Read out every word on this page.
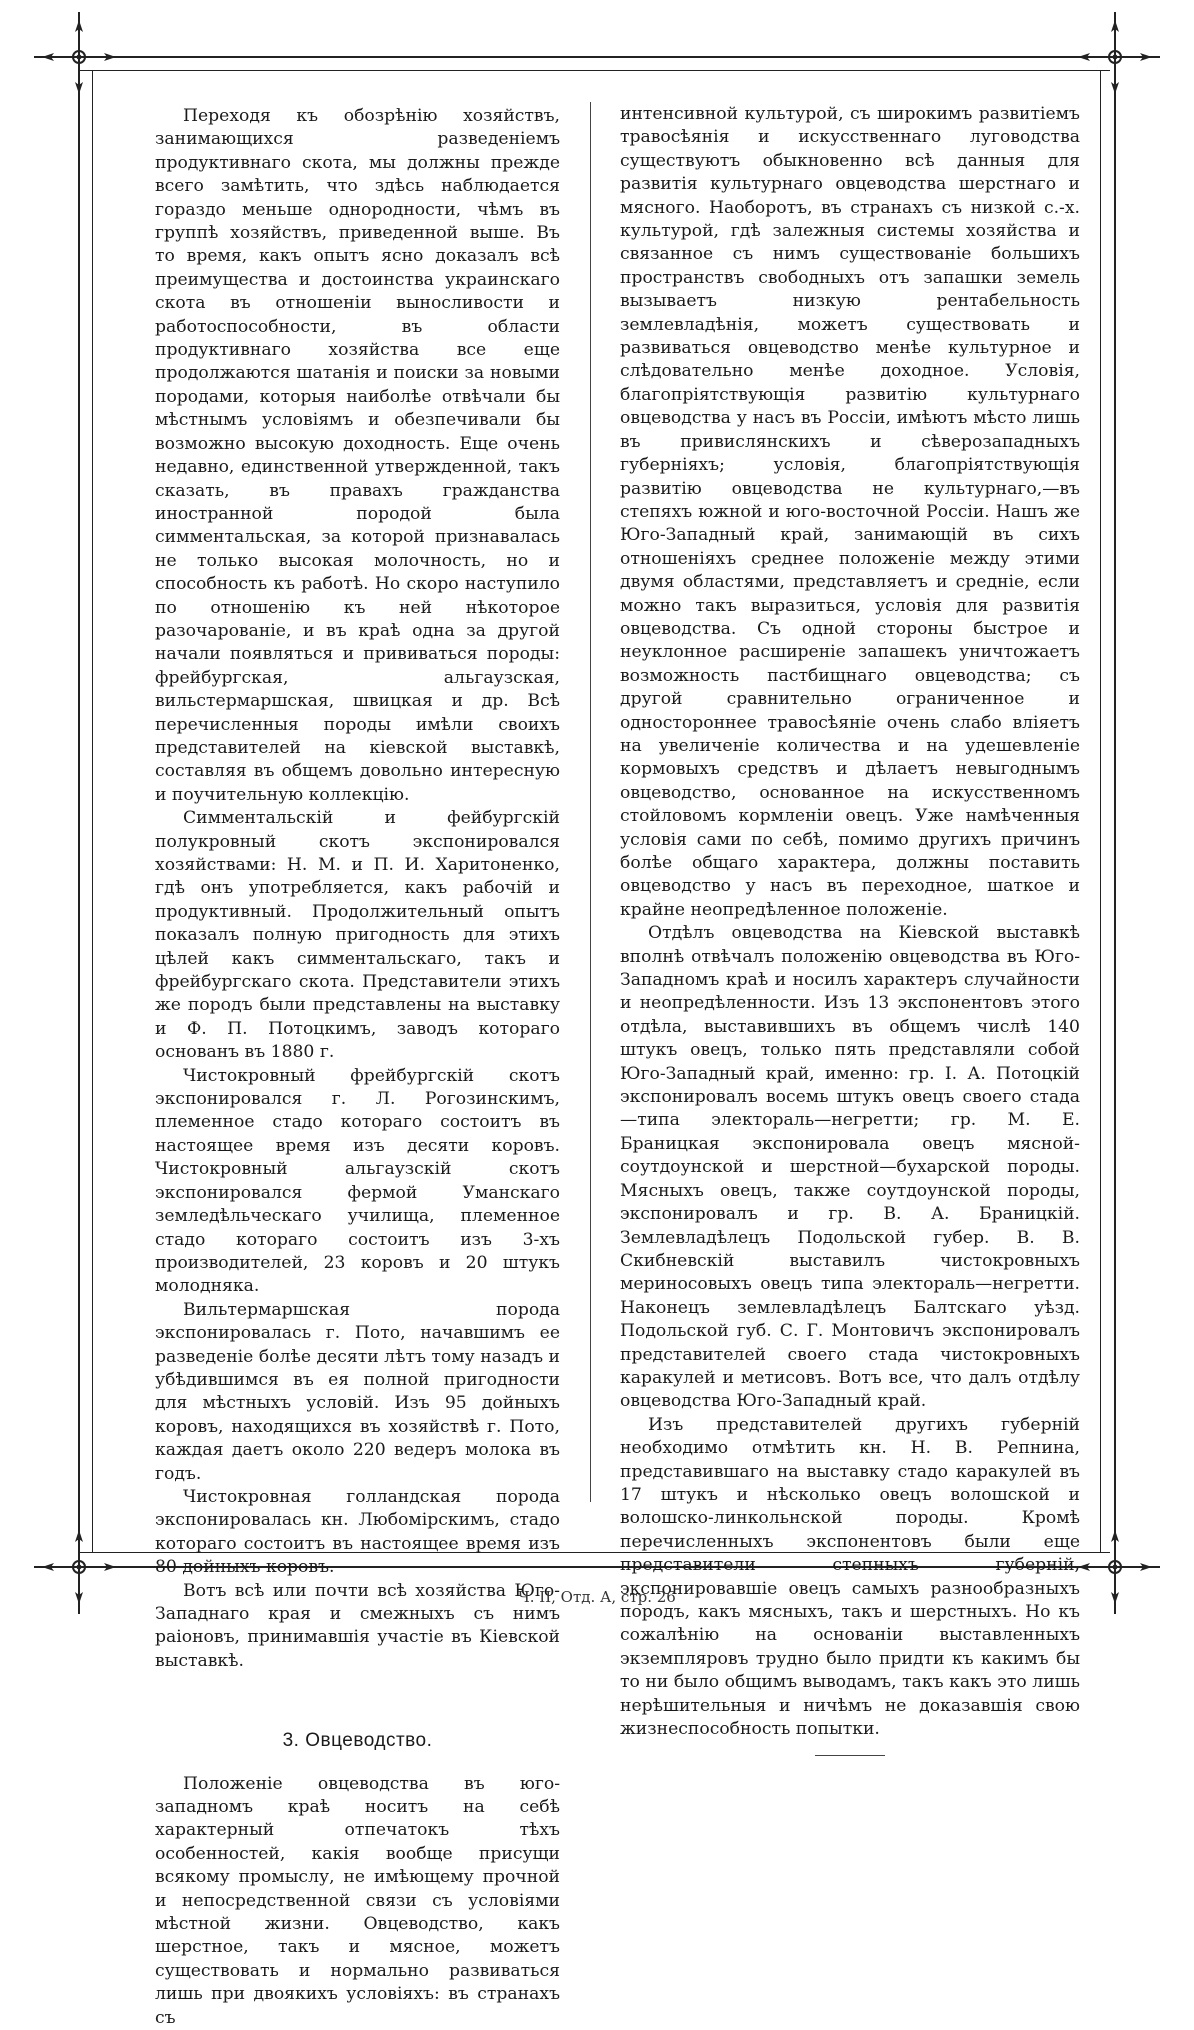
Переходя къ обозрѣнію хозяйствъ, занимающихся разведеніемъ продуктивнаго скота, мы должны прежде всего замѣтить, что здѣсь наблюдается гораздо меньше однородности, чѣмъ въ группѣ хозяйствъ, приведенной выше. Въ то время, какъ опытъ ясно доказалъ всѣ преимущества и достоинства украинскаго скота въ отношеніи выносливости и работоспособности, въ области продуктивнаго хозяйства все еще продолжаются шатанія и поиски за новыми породами, которыя наиболѣе отвѣчали бы мѣстнымъ условіямъ и обезпечивали бы возможно высокую доходность. Еще очень недавно, единственной утвержденной, такъ сказать, въ правахъ гражданства иностранной породой была симментальская, за которой признавалась не только высокая молочность, но и способность къ работѣ. Но скоро наступило по отношенію къ ней нѣкоторое разочарованіе, и въ краѣ одна за другой начали появляться и прививаться породы: фрейбургская, альгаузская, вильстермаршская, швицкая и др. Всѣ перечисленныя породы имѣли своихъ представителей на кіевской выставкѣ, составляя въ общемъ довольно интересную и поучительную коллекцію.

Симментальскій и фейбургскій полукровный скотъ экспонировался хозяйствами: Н. М. и П. И. Харитоненко, гдѣ онъ употребляется, какъ рабочій и продуктивный. Продолжительный опытъ показалъ полную пригодность для этихъ цѣлей какъ симментальскаго, такъ и фрейбургскаго скота. Представители этихъ же породъ были представлены на выставку и Ф. П. Потоцкимъ, заводъ котораго основанъ въ 1880 г.

Чистокровный фрейбургскій скотъ экспонировался г. Л. Рогозинскимъ, племенное стадо котораго состоитъ въ настоящее время изъ десяти коровъ. Чистокровный альгаузскій скотъ экспонировался фермой Уманскаго земледѣльческаго училища, племенное стадо котораго состоитъ изъ 3-хъ производителей, 23 коровъ и 20 штукъ молодняка.

Вильтермаршская порода экспонировалась г. Пото, начавшимъ ее разведеніе болѣе десяти лѣтъ тому назадъ и убѣдившимся въ ея полной пригодности для мѣстныхъ условій. Изъ 95 дойныхъ коровъ, находящихся въ хозяйствѣ г. Пото, каждая даетъ около 220 ведеръ молока въ годъ.

Чистокровная голландская порода экспонировалась кн. Любомірскимъ, стадо котораго состоитъ въ настоящее время изъ 80 дойныхъ коровъ.

Вотъ всѣ или почти всѣ хозяйства Юго-Западнаго края и смежныхъ съ нимъ раіоновъ, принимавшія участіе въ Кіевской выставкѣ.

3. Овцеводство.

Положеніе овцеводства въ юго-западномъ краѣ носитъ на себѣ характерный отпечатокъ тѣхъ особенностей, какія вообще присущи всякому промыслу, не имѣющему прочной и непосредственной связи съ условіями мѣстной жизни. Овцеводство, какъ шерстное, такъ и мясное, можетъ существовать и нормально развиваться лишь при двоякихъ условіяхъ: въ странахъ съ

интенсивной культурой, съ широкимъ развитіемъ травосѣянія и искусственнаго луговодства существуютъ обыкновенно всѣ данныя для развитія культурнаго овцеводства шерстнаго и мясного. Наоборотъ, въ странахъ съ низкой с.-х. культурой, гдѣ залежныя системы хозяйства и связанное съ нимъ существованіе большихъ пространствъ свободныхъ отъ запашки земель вызываетъ низкую рентабельность землевладѣнія, можетъ существовать и развиваться овцеводство менѣе культурное и слѣдовательно менѣе доходное. Условія, благопріятствующія развитію культурнаго овцеводства у насъ въ Россіи, имѣютъ мѣсто лишь въ привислянскихъ и сѣверозападныхъ губерніяхъ; условія, благопріятствующія развитію овцеводства не культурнаго,—въ степяхъ южной и юго-восточной Россіи. Нашъ же Юго-Западный край, занимающій въ сихъ отношеніяхъ среднее положеніе между этими двумя областями, представляетъ и средніе, если можно такъ выразиться, условія для развитія овцеводства. Съ одной стороны быстрое и неуклонное расширеніе запашекъ уничтожаетъ возможность пастбищнаго овцеводства; съ другой сравнительно ограниченное и одностороннее травосѣяніе очень слабо вліяетъ на увеличеніе количества и на удешевленіе кормовыхъ средствъ и дѣлаетъ невыгоднымъ овцеводство, основанное на искусственномъ стойловомъ кормленіи овецъ. Уже намѣченныя условія сами по себѣ, помимо другихъ причинъ болѣе общаго характера, должны поставить овцеводство у насъ въ переходное, шаткое и крайне неопредѣленное положеніе.

Отдѣлъ овцеводства на Кіевской выставкѣ вполнѣ отвѣчалъ положенію овцеводства въ Юго-Западномъ краѣ и носилъ характеръ случайности и неопредѣленности. Изъ 13 экспонентовъ этого отдѣла, выставившихъ въ общемъ числѣ 140 штукъ овецъ, только пять представляли собой Юго-Западный край, именно: гр. І. А. Потоцкій экспонировалъ восемь штукъ овецъ своего стада—типа электораль—негретти; гр. М. Е. Браницкая экспонировала овецъ мясной-соутдоунской и шерстной—бухарской породы. Мясныхъ овецъ, также соутдоунской породы, экспонировалъ и гр. В. А. Браницкій. Землевладѣлецъ Подольской губер. В. В. Скибневскій выставилъ чистокровныхъ мериносовыхъ овецъ типа электораль—негретти. Наконецъ землевладѣлецъ Балтскаго уѣзд. Подольской губ. С. Г. Монтовичъ экспонировалъ представителей своего стада чистокровныхъ каракулей и метисовъ. Вотъ все, что далъ отдѣлу овцеводства Юго-Западный край.

Изъ представителей другихъ губерній необходимо отмѣтить кн. Н. В. Репнина, представившаго на выставку стадо каракулей въ 17 штукъ и нѣсколько овецъ волошской и волошско-линкольнской породы. Кромѣ перечисленныхъ экспонентовъ были еще представители степныхъ губерній, экспонировавшіе овецъ самыхъ разнообразныхъ породъ, какъ мясныхъ, такъ и шерстныхъ. Но къ сожалѣнію на основаніи выставленныхъ экземпляровъ трудно было придти къ какимъ бы то ни было общимъ выводамъ, такъ какъ это лишь нерѣшительныя и ничѣмъ не доказавшія свою жизнеспособность попытки.

Ч. II, Отд. А, стр. 26
